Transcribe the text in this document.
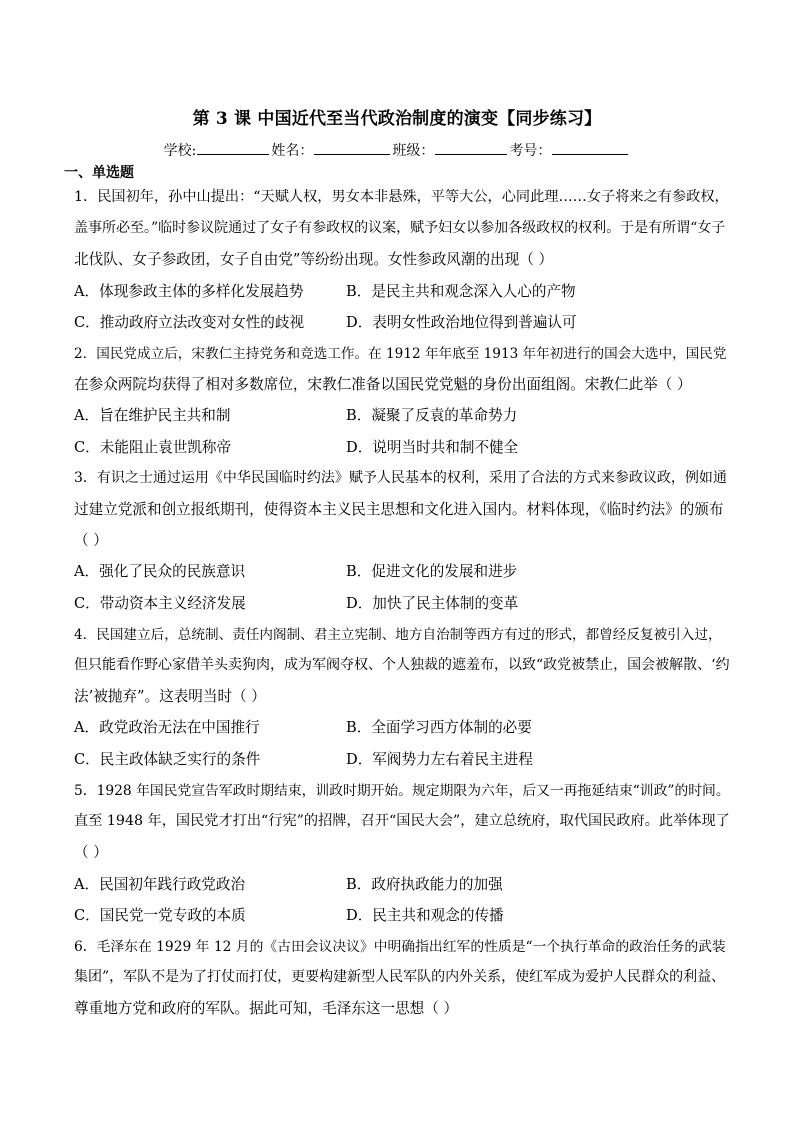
第 3 课 中国近代至当代政治制度的演变【同步练习】
学校:	姓名：	班级：	考号：
一、单选题
1．民国初年，孙中山提出：“天赋人权，男女本非悬殊，平等大公，心同此理……女子将来之有参政权，
盖事所必至。”临时参议院通过了女子有参政权的议案，赋予妇女以参加各级政权的权利。于是有所谓“女子
北伐队、女子参政团，女子自由党”等纷纷出现。女性参政风潮的出现（ ）
A．体现参政主体的多样化发展趋势	B．是民主共和观念深入人心的产物
C．推动政府立法改变对女性的歧视	D．表明女性政治地位得到普遍认可
2．国民党成立后，宋教仁主持党务和竞选工作。在 1912 年年底至 1913 年年初进行的国会大选中，国民党
在参众两院均获得了相对多数席位，宋教仁准备以国民党党魁的身份出面组阁。宋教仁此举（ ）
A．旨在维护民主共和制	B．凝聚了反袁的革命势力
C．未能阻止袁世凯称帝	D．说明当时共和制不健全
3．有识之士通过运用《中华民国临时约法》赋予人民基本的权利，采用了合法的方式来参政议政，例如通
过建立党派和创立报纸期刊，使得资本主义民主思想和文化进入国内。材料体现，《临时约法》的颁布
（ ）
A．强化了民众的民族意识	B．促进文化的发展和进步
C．带动资本主义经济发展	D．加快了民主体制的变革
4．民国建立后，总统制、责任内阁制、君主立宪制、地方自治制等西方有过的形式，都曾经反复被引入过，
但只能看作野心家借羊头卖狗肉，成为军阀夺权、个人独裁的遮羞布，以致“政党被禁止，国会被解散、‘约
法’被抛弃”。这表明当时（ ）
A．政党政治无法在中国推行	B．全面学习西方体制的必要
C．民主政体缺乏实行的条件	D．军阀势力左右着民主进程
5．1928 年国民党宣告军政时期结束，训政时期开始。规定期限为六年，后又一再拖延结束“训政”的时间。
直至 1948 年，国民党才打出“行宪”的招牌，召开“国民大会”，建立总统府，取代国民政府。此举体现了
（ ）
A．民国初年践行政党政治	B．政府执政能力的加强
C．国民党一党专政的本质	D．民主共和观念的传播
6．毛泽东在 1929 年 12 月的《古田会议决议》中明确指出红军的性质是“一个执行革命的政治任务的武装
集团”，军队不是为了打仗而打仗，更要构建新型人民军队的内外关系，使红军成为爱护人民群众的利益、
尊重地方党和政府的军队。据此可知，毛泽东这一思想（ ）
